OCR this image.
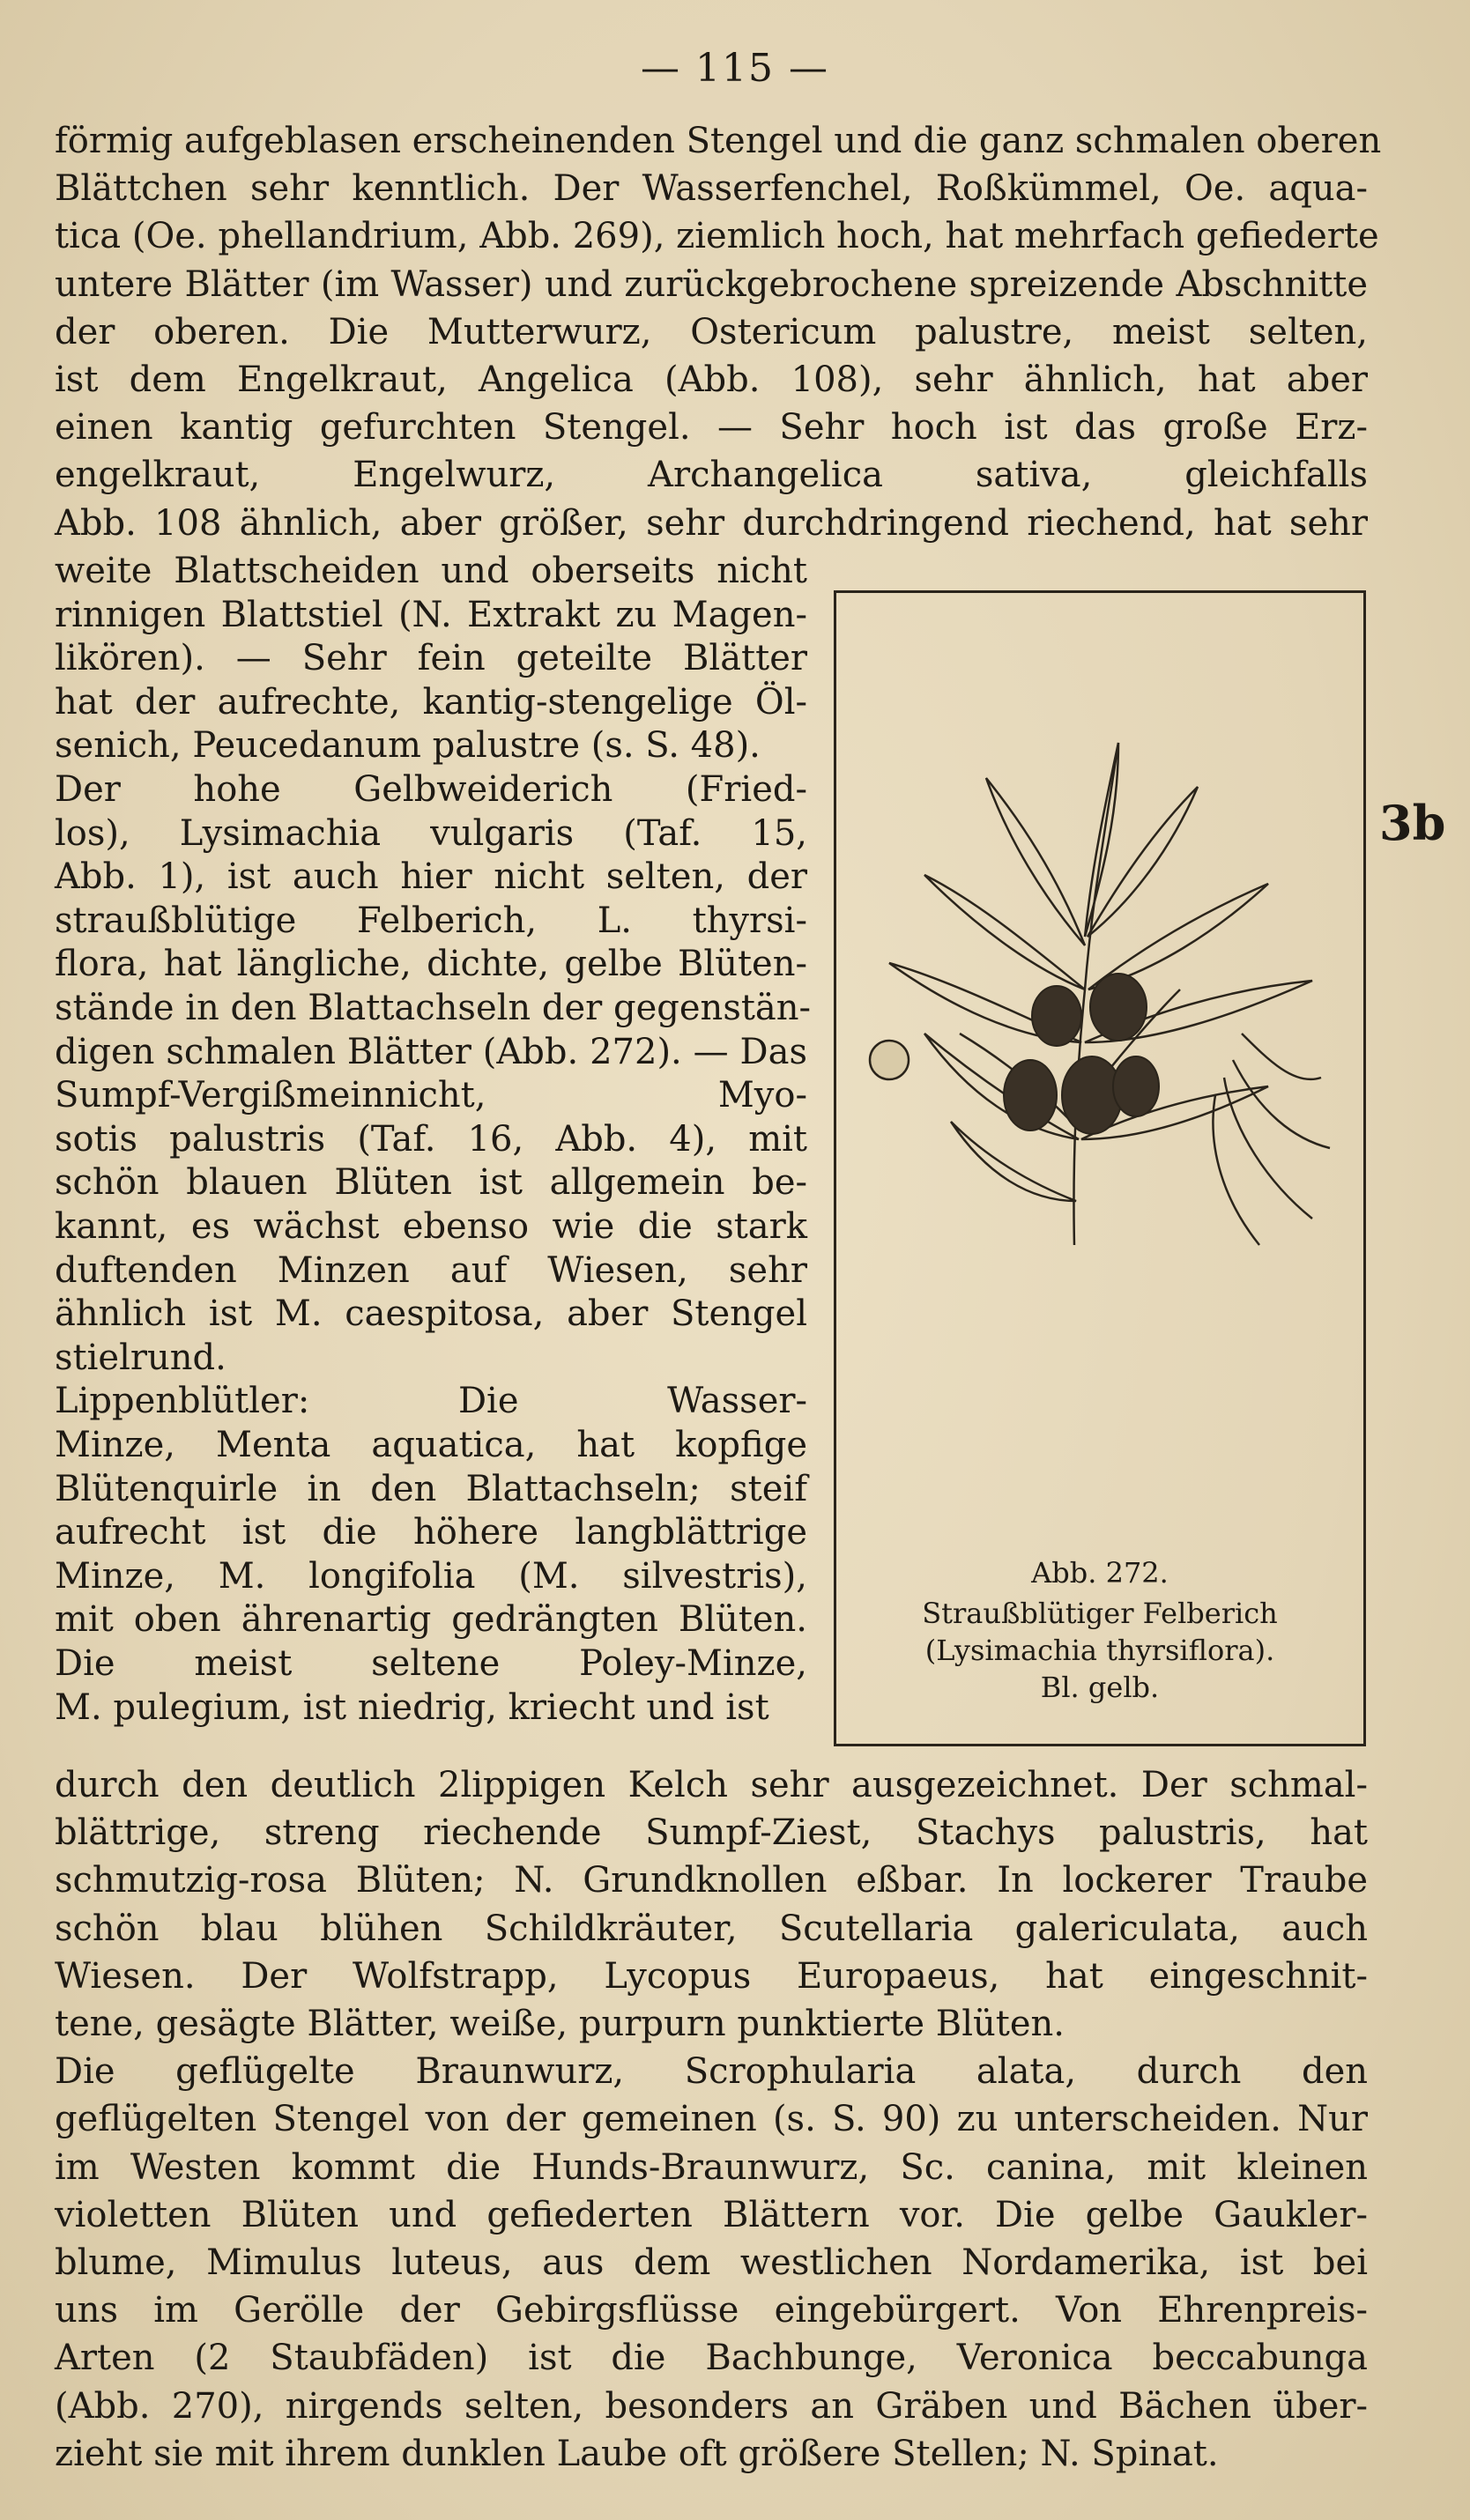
— 115 —
3b
förmig aufgeblasen erscheinenden Stengel und die ganz schmalen oberen
Blättchen sehr kenntlich. Der Wasserfenchel, Roßkümmel, Oe. aqua-
tica (Oe. phellandrium, Abb. 269), ziemlich hoch, hat mehrfach gefiederte
untere Blätter (im Wasser) und zurückgebrochene spreizende Abschnitte
der oberen. Die Mutterwurz, Ostericum palustre, meist selten,
ist dem Engelkraut, Angelica (Abb. 108), sehr ähnlich, hat aber
einen kantig gefurchten Stengel. — Sehr hoch ist das große Erz-
engelkraut, Engelwurz, Archangelica sativa, gleichfalls
Abb. 108 ähnlich, aber größer, sehr durchdringend riechend, hat sehr
weite Blattscheiden und oberseits nicht
rinnigen Blattstiel (N. Extrakt zu Magen-
likören). — Sehr fein geteilte Blätter
hat der aufrechte, kantig-stengelige Öl-
senich, Peucedanum palustre (s. S. 48).
Der hohe Gelbweiderich (Fried-
los), Lysimachia vulgaris (Taf. 15,
Abb. 1), ist auch hier nicht selten, der
straußblütige Felberich, L. thyrsi-
flora, hat längliche, dichte, gelbe Blüten-
stände in den Blattachseln der gegenstän-
digen schmalen Blätter (Abb. 272). — Das
Sumpf-Vergißmeinnicht, Myo-
sotis palustris (Taf. 16, Abb. 4), mit
schön blauen Blüten ist allgemein be-
kannt, es wächst ebenso wie die stark
duftenden Minzen auf Wiesen, sehr
ähnlich ist M. caespitosa, aber Stengel
stielrund.
Lippenblütler: Die Wasser-
Minze, Menta aquatica, hat kopfige
Blütenquirle in den Blattachseln; steif
aufrecht ist die höhere langblättrige
Minze, M. longifolia (M. silvestris),
mit oben ährenartig gedrängten Blüten.
Die meist seltene Poley-Minze,
M. pulegium, ist niedrig, kriecht und ist
durch den deutlich 2lippigen Kelch sehr ausgezeichnet. Der schmal-
blättrige, streng riechende Sumpf-Ziest, Stachys palustris, hat
schmutzig-rosa Blüten; N. Grundknollen eßbar. In lockerer Traube
schön blau blühen Schildkräuter, Scutellaria galericulata, auch
Wiesen. Der Wolfstrapp, Lycopus Europaeus, hat eingeschnit-
tene, gesägte Blätter, weiße, purpurn punktierte Blüten.
Die geflügelte Braunwurz, Scrophularia alata, durch den
geflügelten Stengel von der gemeinen (s. S. 90) zu unterscheiden. Nur
im Westen kommt die Hunds-Braunwurz, Sc. canina, mit kleinen
violetten Blüten und gefiederten Blättern vor. Die gelbe Gaukler-
blume, Mimulus luteus, aus dem westlichen Nordamerika, ist bei
uns im Gerölle der Gebirgsflüsse eingebürgert. Von Ehrenpreis-
Arten (2 Staubfäden) ist die Bachbunge, Veronica beccabunga
(Abb. 270), nirgends selten, besonders an Gräben und Bächen über-
zieht sie mit ihrem dunklen Laube oft größere Stellen; N. Spinat.
Abb. 272.
Straußblütiger Felberich
(Lysimachia thyrsiflora).
Bl. gelb.
